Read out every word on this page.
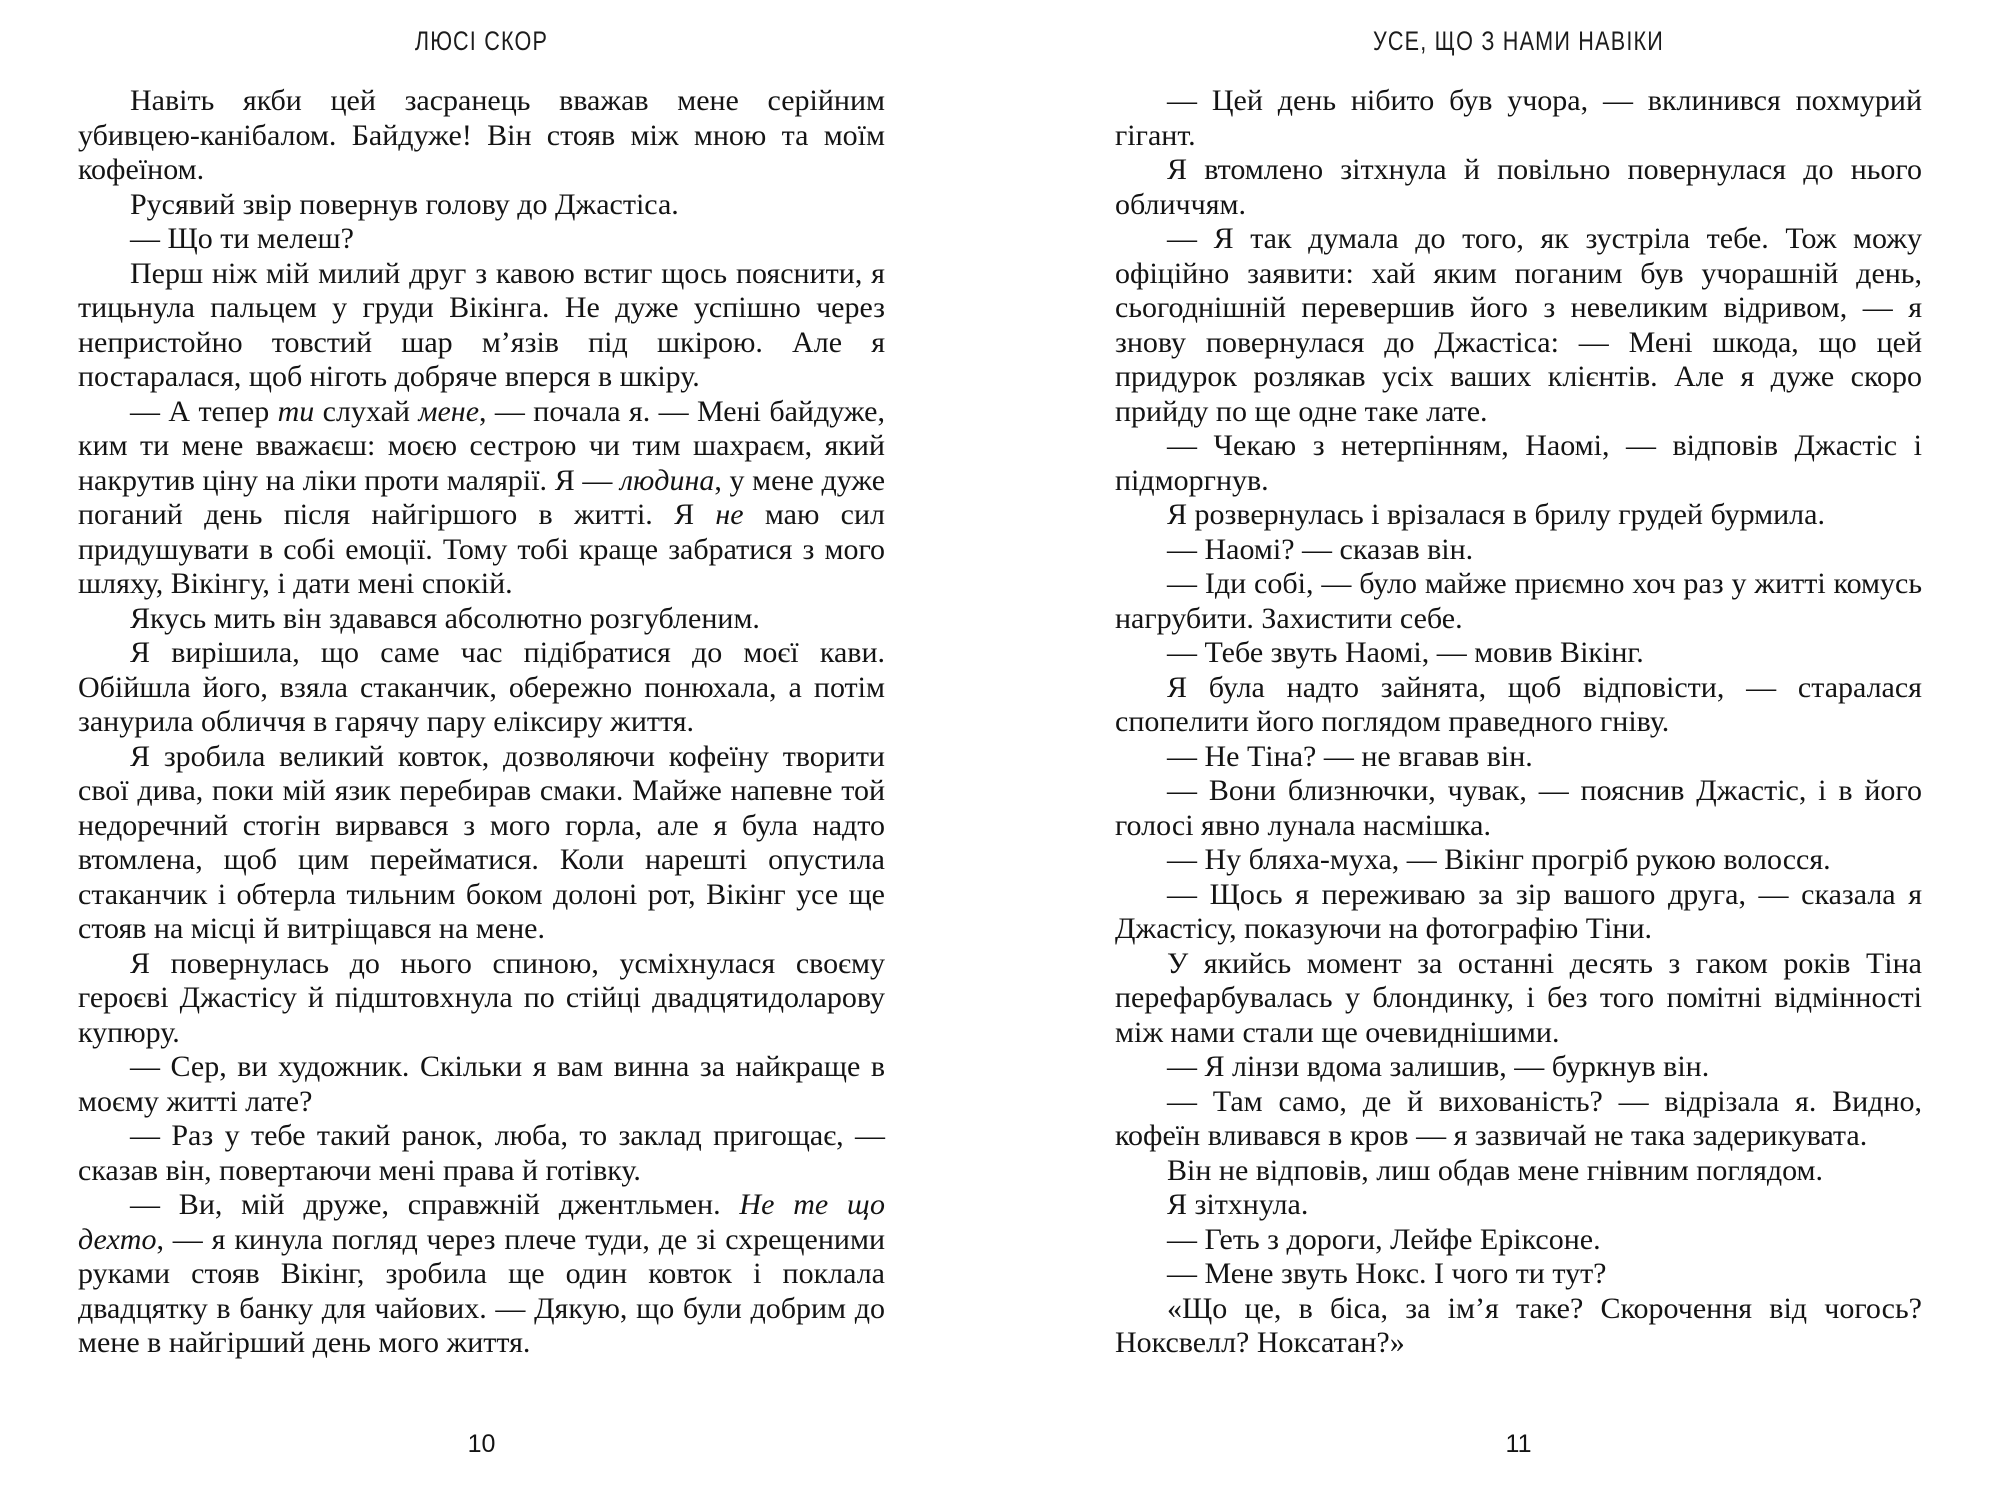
ЛЮСІ СКОР

Навіть якби цей засранець вважав мене серійним убивцею-канібалом. Байдуже! Він стояв між мною та моїм кофеїном.

Русявий звір повернув голову до Джастіса.

— Що ти мелеш?

Перш ніж мій милий друг з кавою встиг щось пояснити, я тицьнула пальцем у груди Вікінга. Не дуже успішно через непристойно товстий шар м’язів під шкірою. Але я постаралася, щоб ніготь добряче вперся в шкіру.

— А тепер ти слухай мене, — почала я. — Мені байдуже, ким ти мене вважаєш: моєю сестрою чи тим шахраєм, який накрутив ціну на ліки проти малярії. Я — людина, у мене дуже поганий день після найгіршого в житті. Я не маю сил придушувати в собі емоції. Тому тобі краще забратися з мого шляху, Вікінгу, і дати мені спокій.

Якусь мить він здавався абсолютно розгубленим.

Я вирішила, що саме час підібратися до моєї кави. Обійшла його, взяла стаканчик, обережно понюхала, а потім занурила обличчя в гарячу пару еліксиру життя.

Я зробила великий ковток, дозволяючи кофеїну творити свої дива, поки мій язик перебирав смаки. Майже напевне той недоречний стогін вирвався з мого горла, але я була надто втомлена, щоб цим перейматися. Коли нарешті опустила стаканчик і обтерла тильним боком долоні рот, Вікінг усе ще стояв на місці й витріщався на мене.

Я повернулась до нього спиною, усміхнулася своєму героєві Джастісу й підштовхнула по стійці двадцятидоларову купюру.

— Сер, ви художник. Скільки я вам винна за найкраще в моєму житті лате?

— Раз у тебе такий ранок, люба, то заклад пригощає, — сказав він, повертаючи мені права й готівку.

— Ви, мій друже, справжній джентльмен. Не те що дехто, — я кинула погляд через плече туди, де зі схрещеними руками стояв Вікінг, зробила ще один ковток і поклала двадцятку в банку для чайових. — Дякую, що були добрим до мене в найгірший день мого життя.

10
УСЕ, ЩО З НАМИ НАВІКИ

— Цей день нібито був учора, — вклинився похмурий гігант.

Я втомлено зітхнула й повільно повернулася до нього обличчям.

— Я так думала до того, як зустріла тебе. Тож можу офіційно заявити: хай яким поганим був учорашній день, сьогоднішній перевершив його з невеликим відривом, — я знову повернулася до Джастіса: — Мені шкода, що цей придурок розлякав усіх ваших клієнтів. Але я дуже скоро прийду по ще одне таке лате.

— Чекаю з нетерпінням, Наомі, — відповів Джастіс і підморгнув.

Я розвернулась і врізалася в брилу грудей бурмила.

— Наомі? — сказав він.

— Іди собі, — було майже приємно хоч раз у житті комусь нагрубити. Захистити себе.

— Тебе звуть Наомі, — мовив Вікінг.

Я була надто зайнята, щоб відповісти, — старалася спопелити його поглядом праведного гніву.

— Не Тіна? — не вгавав він.

— Вони близнючки, чувак, — пояснив Джастіс, і в його голосі явно лунала насмішка.

— Ну бляха-муха, — Вікінг прогріб рукою волосся.

— Щось я переживаю за зір вашого друга, — сказала я Джастісу, показуючи на фотографію Тіни.

У якийсь момент за останні десять з гаком років Тіна перефарбувалась у блондинку, і без того помітні відмінності між нами стали ще очевиднішими.

— Я лінзи вдома залишив, — буркнув він.

— Там само, де й вихованість? — відрізала я. Видно, кофеїн вливався в кров — я зазвичай не така задерикувата.

Він не відповів, лиш обдав мене гнівним поглядом.

Я зітхнула.

— Геть з дороги, Лейфе Еріксоне.

— Мене звуть Нокс. І чого ти тут?

«Що це, в біса, за ім’я таке? Скорочення від чогось? Ноксвелл? Ноксатан?»

11
